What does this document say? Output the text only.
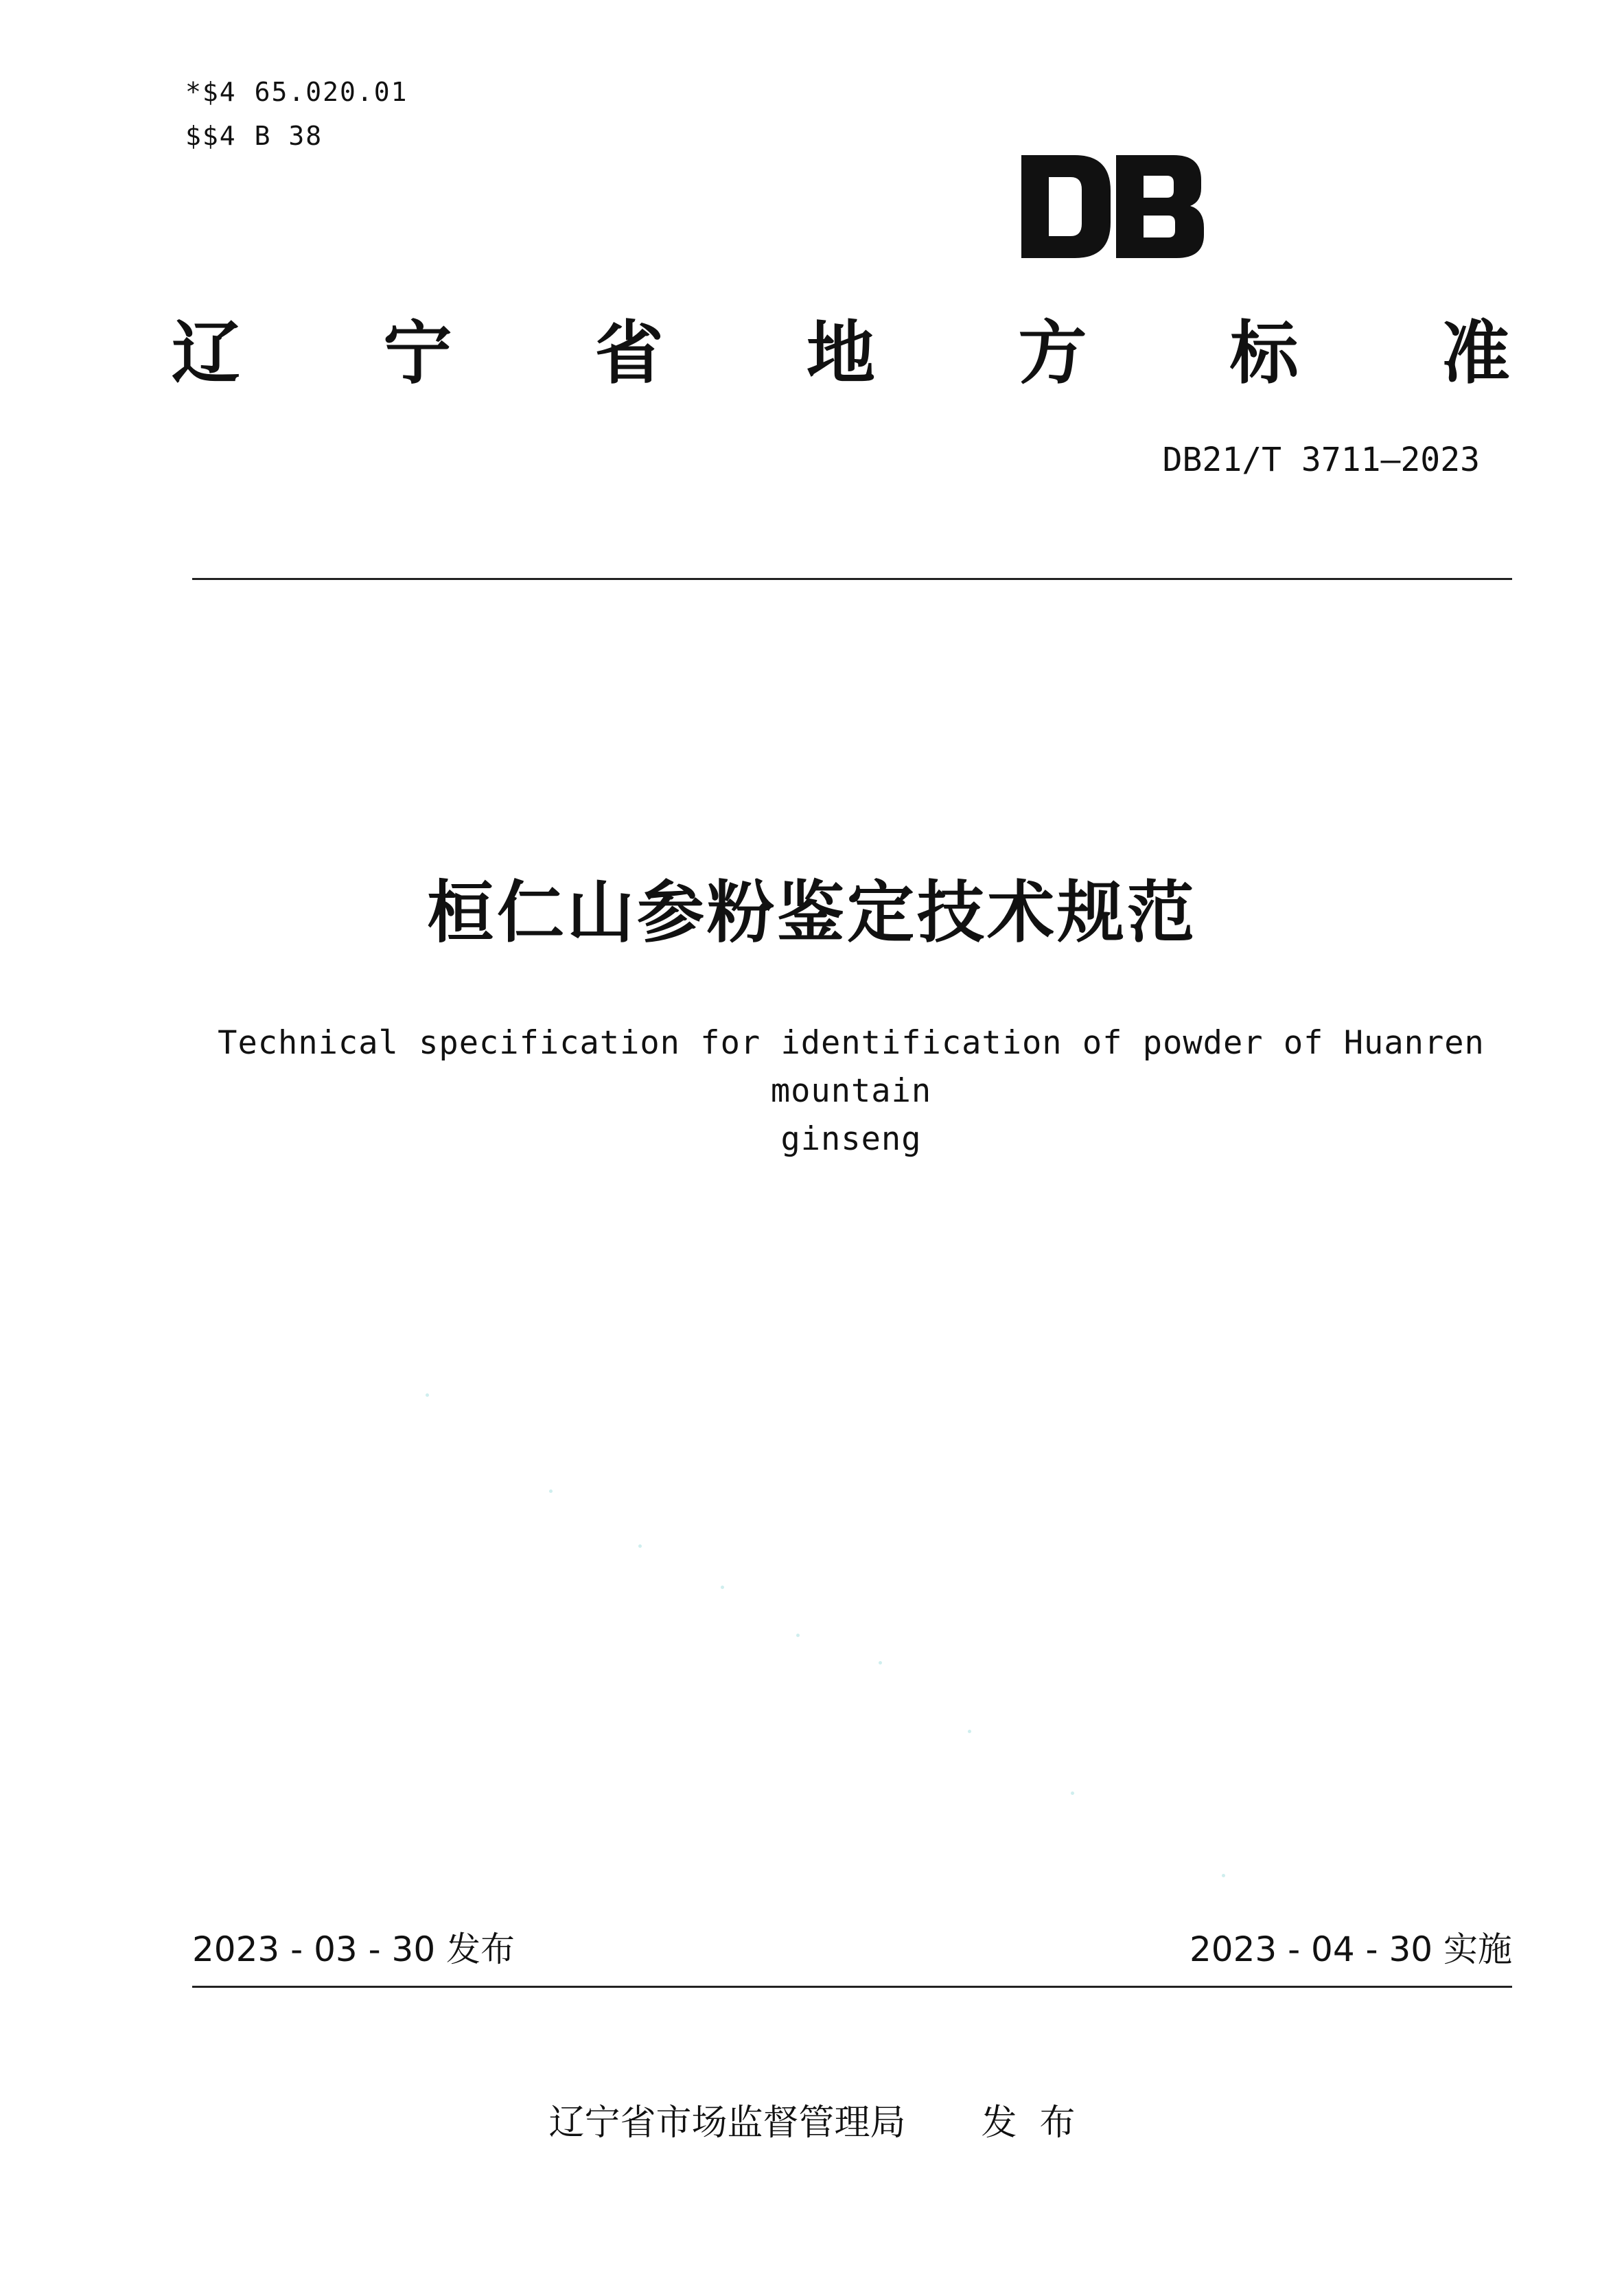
*$4 65.020.01
$$4 B 38
辽 宁 省 地 方 标 准
DB21/T 3711—2023
桓仁山参粉鉴定技术规范
Technical specification for identification of powder of Huanren mountain
ginseng
2023 - 03 - 30 发布	2023 - 04 - 30 实施
辽宁省市场监督管理局 发  布
